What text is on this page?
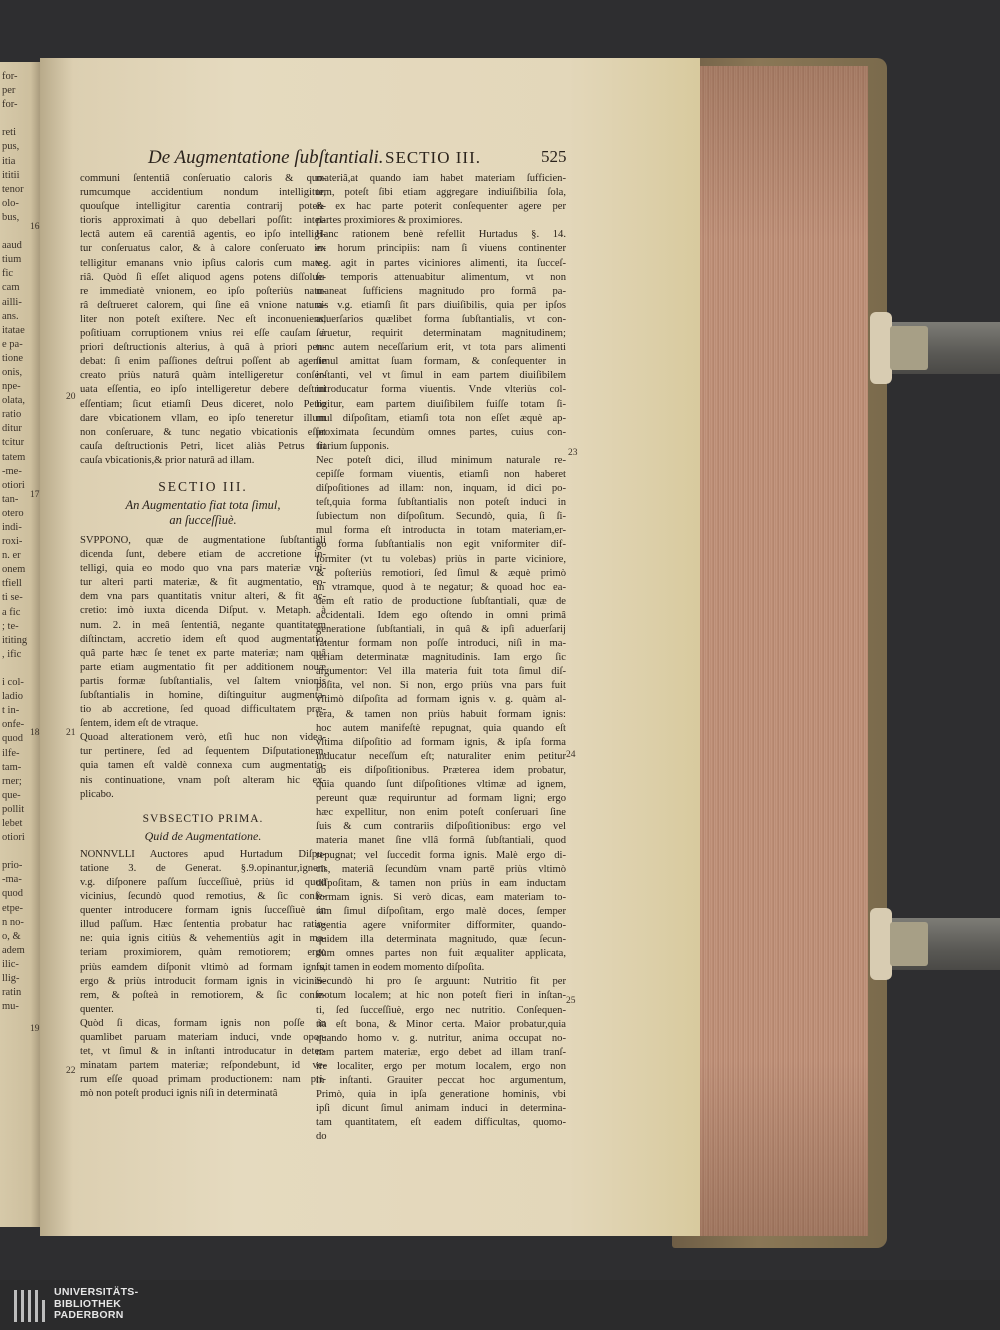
for-
per
for-

reti
pus,
itia
ititii
tenor
olo-
bus,

aaud
tium
fic
cam
ailli-
ans.
itatae
e pa-
tione
onis,
npe-
olata,
ratio
ditur
tcitur
tatem
-me-
otiori
tan-
otero
indi-
roxi-
n. er
onem
tfiell
ti se-
a fic
; te-
ititing
, ific

i col-
ladio
t in-
onfe-
quod
ilfe-
tam-
rner;
que-
pollit
lebet
otiori

prio-
-ma-
quod
etpe-
n no-
o, &
adem
ilic-
llig-
ratin
mu-
De Augmentatione ſubſtantiali. SECTIO III.	525
communi ſententiâ conſeruatio caloris & quo-
rumcumque accidentium nondum intelligitur,
quouſque intelligitur carentia contrarij poten-
tioris approximati à quo debellari poſſit: intel-
lectâ autem eâ carentiâ agentis, eo ipſo intelligi-
tur conſeruatus calor, & à calore conſeruato in-
telligitur emanans vnio ipſius caloris cum mate-
riâ. Quòd ſi eſſet aliquod agens potens diſſolue-
re immediatè vnionem, eo ipſo poſteriùs natu-
râ deſtrueret calorem, qui ſine eâ vnione natura-
liter non poteſt exiſtere. Nec eſt inconueniens,
poſitiuam corruptionem vnius rei eſſe cauſam à
priori deſtructionis alterius, à quâ à priori pen-
debat: ſi enim paſſiones deſtrui poſſent ab agente
creato priùs naturâ quàm intelligeretur conſer-
uata eſſentia, eo ipſo intelligeretur debere deſtrui
eſſentiam; ſicut etiamſi Deus diceret, nolo Petro
dare vbicationem vllam, eo ipſo teneretur illum
non conſeruare, & tunc negatio vbicationis eſſet
cauſa deſtructionis Petri, licet aliàs Petrus ſit
cauſa vbicationis,& prior naturâ ad illam.
SECTIO III.
An Augmentatio fiat tota ſimul,
an ſucceſſiuè.
SVPPONO, quæ de augmentatione ſubſtantiali
dicenda ſunt, debere etiam de accretione in-
telligi, quia eo modo quo vna pars materiæ vni-
tur alteri parti materiæ, & fit augmentatio, eo-
dem vna pars quantitatis vnitur alteri, & fit ac-
cretio: imò iuxta dicenda Diſput. v. Metaph. à
num. 2. in meâ ſententiâ, negante quantitatem
diſtinctam, accretio idem eſt quod augmentatio,
quâ parte hæc ſe tenet ex parte materiæ; nam quâ
parte etiam augmentatio fit per additionem nouæ
partis formæ ſubſtantialis, vel ſaltem vnionis
ſubſtantialis in homine, diſtinguitur augmenta-
tio ab accretione, ſed quoad difficultatem præ-
ſentem, idem eſt de vtraque.
Quoad alterationem verò, etſi huc non videa-
tur pertinere, ſed ad ſequentem Diſputationem,
quia tamen eſt valdè connexa cum augmentatio-
nis continuatione, vnam poſt alteram hic ex-
plicabo.
SVBSECTIO PRIMA.
Quid de Augmentatione.
NONNVLLI Auctores apud Hurtadum Diſpu-
tatione 3. de Generat. §.9.opinantur,ignem
v.g. diſponere paſſum ſucceſſiuè, priùs id quod
vicinius, ſecundò quod remotius, & ſic conſe-
quenter introducere formam ignis ſucceſſiuè in
illud paſſum. Hæc ſententia probatur hac ratio-
ne: quia ignis citiùs & vehementiùs agit in ma-
teriam proximiorem, quàm remotiorem; ergo
priùs eamdem diſponit vltimò ad formam ignis,
ergo & priùs introducit formam ignis in vicinio-
rem, & poſteà in remotiorem, & ſic conſe-
quenter.
Quòd ſi dicas, formam ignis non poſſe in
quamlibet paruam materiam induci, vnde opor-
tet, vt ſimul & in inſtanti introducatur in deter-
minatam partem materiæ; reſpondebunt, id ve-
rum eſſe quoad primam productionem: nam pri-
mò non poteſt produci ignis niſi in determinatâ
materiâ,at quando iam habet materiam ſufficien-
tem, poteſt ſibi etiam aggregare indiuiſibilia ſola,
& ex hac parte poterit conſequenter agere per
partes proximiores & proximiores.
Hanc rationem benè refellit Hurtadus §. 14.
ex horum principiis: nam ſi viuens continenter
v.g. agit in partes viciniores alimenti, ita ſucceſ-
ſu temporis attenuabitur alimentum, vt non
maneat ſufficiens magnitudo pro formâ pa-
nis v.g. etiamſi ſit pars diuiſibilis, quia per ipſos
aduerſarios quælibet forma ſubſtantialis, vt con-
ſeruetur, requirit determinatam magnitudinem;
tunc autem neceſſarium erit, vt tota pars alimenti
ſimul amittat ſuam formam, & conſequenter in
inſtanti, vel vt ſimul in eam partem diuiſibilem
introducatur forma viuentis. Vnde vlteriùs col-
ligitur, eam partem diuiſibilem fuiſſe totam ſi-
mul diſpoſitam, etiamſi tota non eſſet æquè ap-
proximata ſecundùm omnes partes, cuius con-
trarium ſupponis.
Nec poteſt dici, illud minimum naturale re-
cepiſſe formam viuentis, etiamſi non haberet
diſpoſitiones ad illam: non, inquam, id dici po-
teſt,quia forma ſubſtantialis non poteſt induci in
ſubiectum non diſpoſitum. Secundò, quia, ſi ſi-
mul forma eſt introducta in totam materiam,er-
go forma ſubſtantialis non egit vniformiter dif-
formiter (vt tu volebas) priùs in parte viciniore,
& poſteriùs remotiori, ſed ſimul & æquè primò
in vtramque, quod à te negatur; & quoad hoc ea-
dem eſt ratio de productione ſubſtantiali, quæ de
accidentali. Idem ego oſtendo in omni primâ
generatione ſubſtantiali, in quâ & ipſi aduerſarij
fatentur formam non poſſe introduci, niſi in ma-
teriam determinatæ magnitudinis. Iam ergo ſic
argumentor: Vel illa materia fuit tota ſimul diſ-
poſita, vel non. Si non, ergo priùs vna pars fuit
vltimò diſpoſita ad formam ignis v. g. quàm al-
tera, & tamen non priùs habuit formam ignis:
hoc autem manifeſtè repugnat, quia quando eſt
vltima diſpoſitio ad formam ignis, & ipſa forma
inducatur neceſſum eſt; naturaliter enim petitur
ab eis diſpoſitionibus. Præterea idem probatur,
quia quando ſunt diſpoſitiones vltimæ ad ignem,
pereunt quæ requiruntur ad formam ligni; ergo
hæc expellitur, non enim poteſt conſeruari ſine
ſuis & cum contrariis diſpoſitionibus: ergo vel
materia manet ſine vllâ formâ ſubſtantiali, quod
repugnat; vel ſuccedit forma ignis. Malè ergo di-
cis, materiâ ſecundùm vnam partē priùs vltimò
diſpoſitam, & tamen non priùs in eam inductam
formam ignis. Si verò dicas, eam materiam to-
tam ſimul diſpoſitam, ergo malè doces, ſemper
agentia agere vniformiter difformiter, quando-
quidem illa determinata magnitudo, quæ ſecun-
dùm omnes partes non fuit æqualiter applicata,
fuit tamen in eodem momento diſpoſita.
Secundò hi pro ſe arguunt: Nutritio fit per
motum localem; at hic non poteſt fieri in inſtan-
ti, ſed ſucceſſiuè, ergo nec nutritio. Conſequen-
tia eſt bona, & Minor certa. Maior probatur,quia
quando homo v. g. nutritur, anima occupat no-
nam partem materiæ, ergo debet ad illam tranſ-
ire localiter, ergo per motum localem, ergo non
in inſtanti. Grauiter peccat hoc argumentum,
Primò, quia in ipſa generatione hominis, vbi
ipſi dicunt ſimul animam induci in determina-
tam quantitatem, eſt eadem difficultas, quomo-
do
20
21
22
23
24
25
16
17
18
19
UNIVERSITÄTS-
BIBLIOTHEK
PADERBORN
